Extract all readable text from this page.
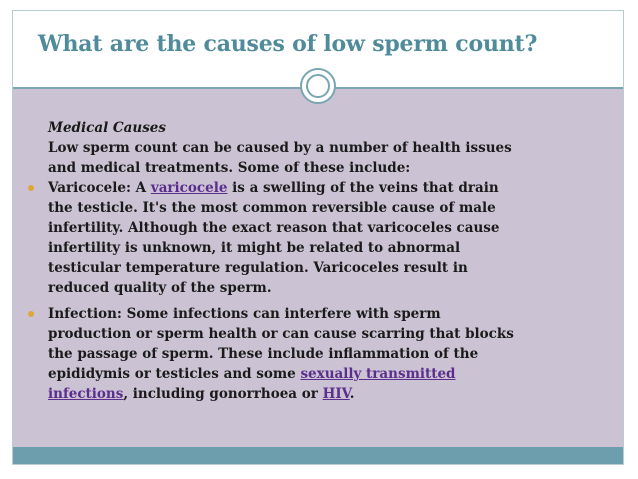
What are the causes of low sperm count?
Medical Causes
Low sperm count can be caused by a number of health issues
and medical treatments. Some of these include:
Varicocele: A varicocele is a swelling of the veins that drain
the testicle. It's the most common reversible cause of male
infertility. Although the exact reason that varicoceles cause
infertility is unknown, it might be related to abnormal
testicular temperature regulation. Varicoceles result in
reduced quality of the sperm.
Infection: Some infections can interfere with sperm
production or sperm health or can cause scarring that blocks
the passage of sperm. These include inflammation of the
epididymis or testicles and some sexually transmitted
infections, including gonorrhoea or HIV.
